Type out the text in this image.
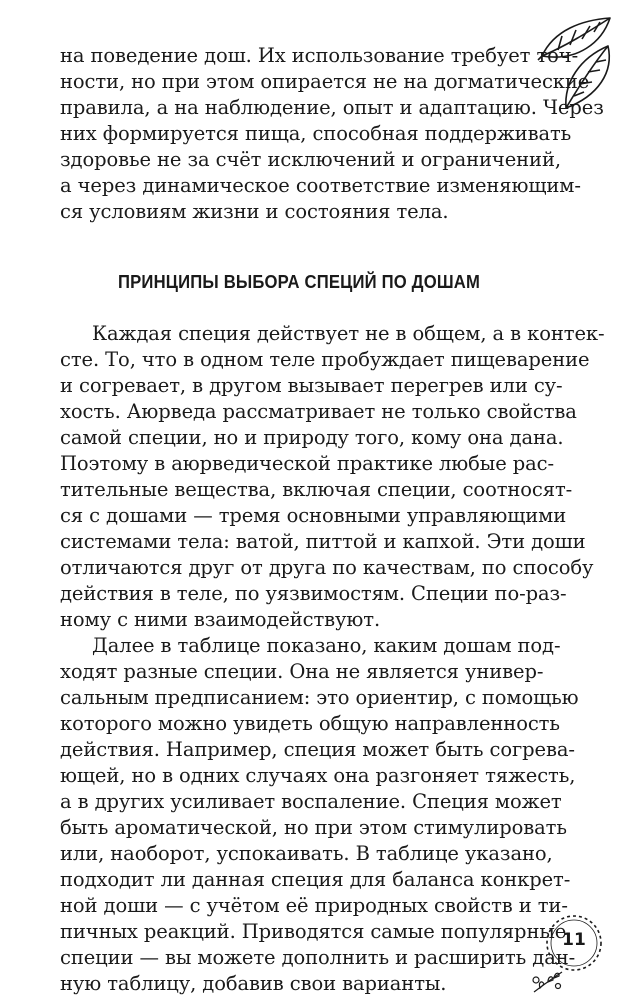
на поведение дош. Их использование требует точ-
ности, но при этом опирается не на догматические
правила, а на наблюдение, опыт и адаптацию. Через
них формируется пища, способная поддерживать
здоровье не за счёт исключений и ограничений,
а через динамическое соответствие изменяющим-
ся условиям жизни и состояния тела.
ПРИНЦИПЫ ВЫБОРА СПЕЦИЙ ПО ДОШАМ
Каждая специя действует не в общем, а в контек-
сте. То, что в одном теле пробуждает пищеварение
и согревает, в другом вызывает перегрев или су-
хость. Аюрведа рассматривает не только свойства
самой специи, но и природу того, кому она дана.
Поэтому в аюрведической практике любые рас-
тительные вещества, включая специи, соотносят-
ся с дошами — тремя основными управляющими
системами тела: ватой, питтой и капхой. Эти доши
отличаются друг от друга по качествам, по способу
действия в теле, по уязвимостям. Специи по-раз-
ному с ними взаимодействуют.
Далее в таблице показано, каким дошам под-
ходят разные специи. Она не является универ-
сальным предписанием: это ориентир, с помощью
которого можно увидеть общую направленность
действия. Например, специя может быть согрева-
ющей, но в одних случаях она разгоняет тяжесть,
а в других усиливает воспаление. Специя может
быть ароматической, но при этом стимулировать
или, наоборот, успокаивать. В таблице указано,
подходит ли данная специя для баланса конкрет-
ной доши — с учётом её природных свойств и ти-
пичных реакций. Приводятся самые популярные
специи — вы можете дополнить и расширить дан-
ную таблицу, добавив свои варианты.
11
